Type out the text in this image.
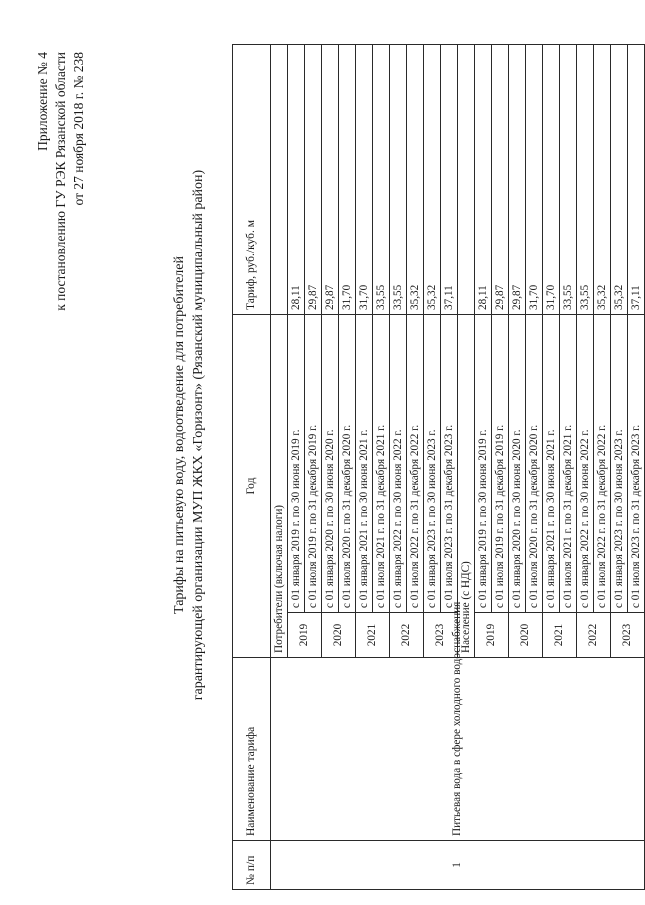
Приложение № 4 к постановлению ГУ РЭК Рязанской области от 27 ноября 2018 г. № 238
Тарифы на питьевую воду, водоотведение для потребителей гарантирующей организации МУП ЖКХ «Горизонт» (Рязанский муниципальный район)
№ п/п	Наименование тарифа	Год		Тариф, руб./куб. м
1	Питьевая вода в сфере холодного водоснабжения	Потребители (включая налоги)		
		2019	с 01 января 2019 г. по 30 июня 2019 г.	28,11
			с 01 июля 2019 г. по 31 декабря 2019 г.	29,87
		2020	с 01 января 2020 г. по 30 июня 2020 г.	29,87
			с 01 июля 2020 г. по 31 декабря 2020 г.	31,70
		2021	с 01 января 2021 г. по 30 июня 2021 г.	31,70
			с 01 июля 2021 г. по 31 декабря 2021 г.	33,55
		2022	с 01 января 2022 г. по 30 июня 2022 г.	33,55
			с 01 июля 2022 г. по 31 декабря 2022 г.	35,32
		2023	с 01 января 2023 г. по 30 июня 2023 г.	35,32
			с 01 июля 2023 г. по 31 декабря 2023 г.	37,11
		Население (с НДС)		
		2019	с 01 января 2019 г. по 30 июня 2019 г.	28,11
			с 01 июля 2019 г. по 31 декабря 2019 г.	29,87
		2020	с 01 января 2020 г. по 30 июня 2020 г.	29,87
			с 01 июля 2020 г. по 31 декабря 2020 г.	31,70
		2021	с 01 января 2021 г. по 30 июня 2021 г.	31,70
			с 01 июля 2021 г. по 31 декабря 2021 г.	33,55
		2022	с 01 января 2022 г. по 30 июня 2022 г.	33,55
			с 01 июля 2022 г. по 31 декабря 2022 г.	35,32
		2023	с 01 января 2023 г. по 30 июня 2023 г.	35,32
			с 01 июля 2023 г. по 31 декабря 2023 г.	37,11
